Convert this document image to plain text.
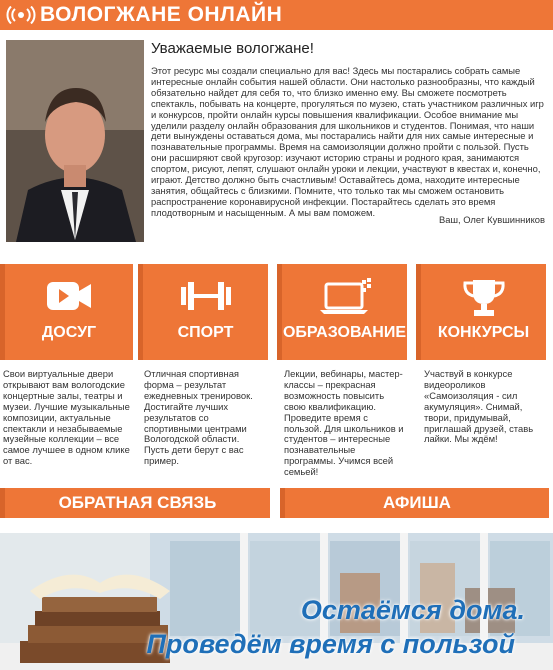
ВОЛОГЖАНЕ ОНЛАЙН
Уважаемые вологжане!
Этот ресурс мы создали специально для вас! Здесь мы постарались собрать самые интересные онлайн события нашей области. Они настолько разнообразны, что каждый обязательно найдет для себя то, что близко именно ему. Вы сможете посмотреть спектакль, побывать на концерте, прогуляться по музею, стать участником различных игр и конкурсов, пройти онлайн курсы повышения квалификации. Особое внимание мы уделили разделу онлайн образования для школьников и студентов. Понимая, что наши дети вынуждены оставаться дома, мы постарались найти для них самые интересные и познавательные программы. Время на самоизоляции должно пройти с пользой. Пусть они расширяют свой кругозор: изучают историю страны и родного края, занимаются спортом, рисуют, лепят, слушают онлайн уроки и лекции, участвуют в квестах и, конечно, играют. Детство должно быть счастливым! Оставайтесь дома, находите интересные занятия, общайтесь с близкими. Помните, что только так мы сможем остановить распространение коронавирусной инфекции. Постарайтесь сделать это время плодотворным и насыщенным. А мы вам поможем.
Ваш, Олег Кувшинников
ДОСУГ	СПОРТ	ОБРАЗОВАНИЕ	КОНКУРСЫ
Свои виртуальные двери открывают вам вологодские концертные залы, театры и музеи. Лучшие музыкальные композиции, актуальные спектакли и незабываемые музейные коллекции – все самое лучшее в одном клике от вас.
Отличная спортивная форма – результат ежедневных тренировок. Достигайте лучших результатов со спортивными центрами Вологодской области. Пусть дети берут с вас пример.
Лекции, вебинары, мастер-классы – прекрасная возможность повысить свою квалификацию. Проведите время с пользой. Для школьников и студентов – интересные познавательные программы. Учимся всей семьей!
Участвуй в конкурсе видеороликов «Самоизоляция - сил акумуляция». Снимай, твори, придумывай, приглашай друзей, ставь лайки. Мы ждём!
ОБРАТНАЯ СВЯЗЬ	АФИША
Остаёмся дома.
Проведём время с пользой
